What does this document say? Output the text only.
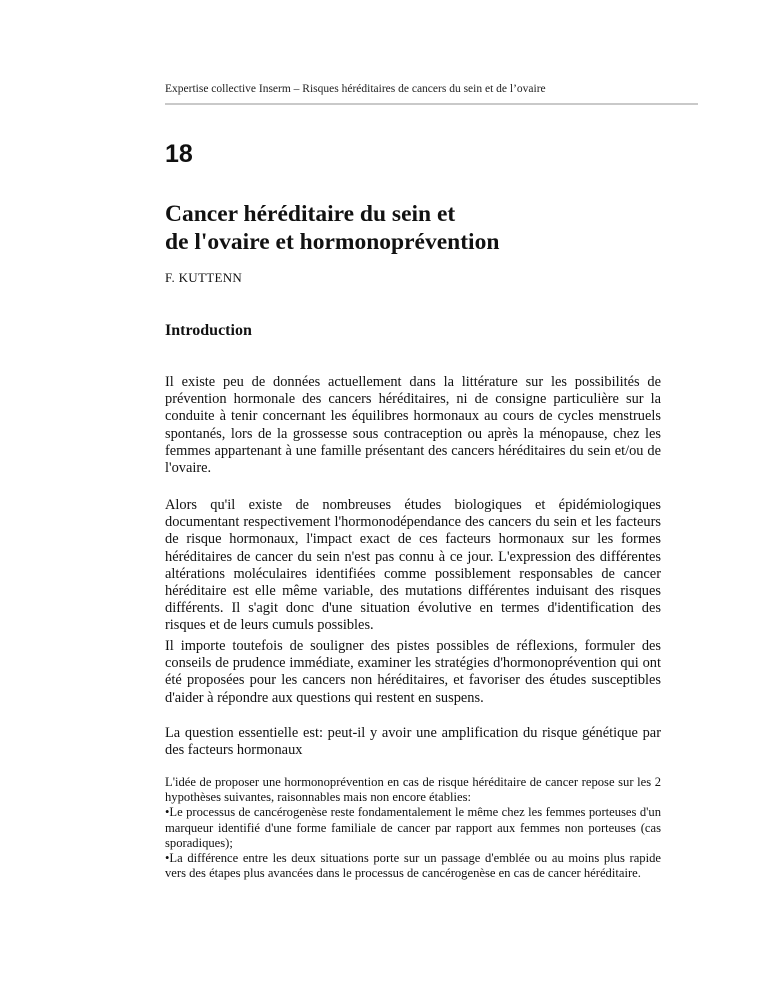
Expertise collective Inserm – Risques héréditaires de cancers du sein et de l’ovaire
18
Cancer héréditaire du sein et
de l'ovaire et hormonoprévention
F. KUTTENN
Introduction
Il existe peu de données actuellement dans la littérature sur les possibilités de prévention hormonale des cancers héréditaires, ni de consigne particulière sur la conduite à tenir concernant les équilibres hormonaux au cours de cycles menstruels spontanés, lors de la grossesse sous contraception ou après la ménopause, chez les femmes appartenant à une famille présentant des cancers héréditaires du sein et/ou de l'ovaire.
Alors qu'il existe de nombreuses études biologiques et épidémiologiques documentant respectivement l'hormonodépendance des cancers du sein et les facteurs de risque hormonaux, l'impact exact de ces facteurs hormonaux sur les formes héréditaires de cancer du sein n'est pas connu à ce jour. L'expression des différentes altérations moléculaires identifiées comme possiblement responsables de cancer héréditaire est elle même variable, des mutations différentes induisant des risques différents. Il s'agit donc d'une situation évolutive en termes d'identification des risques et de leurs cumuls possibles.
Il importe toutefois de souligner des pistes possibles de réflexions, formuler des conseils de prudence immédiate, examiner les stratégies d'hormonoprévention qui ont été proposées pour les cancers non héréditaires, et favoriser des études susceptibles d'aider à répondre aux questions qui restent en suspens.
La question essentielle est: peut-il y avoir une amplification du risque génétique par des facteurs hormonaux
L'idée de proposer une hormonoprévention en cas de risque héréditaire de cancer repose sur les 2 hypothèses suivantes, raisonnables mais non encore établies:
•Le processus de cancérogenèse reste fondamentalement le même chez les femmes porteuses d'un marqueur identifié d'une forme familiale de cancer par rapport aux femmes non porteuses (cas sporadiques);
•La différence entre les deux situations porte sur un passage d'emblée ou au moins plus rapide vers des étapes plus avancées dans le processus de cancérogenèse en cas de cancer héréditaire.
